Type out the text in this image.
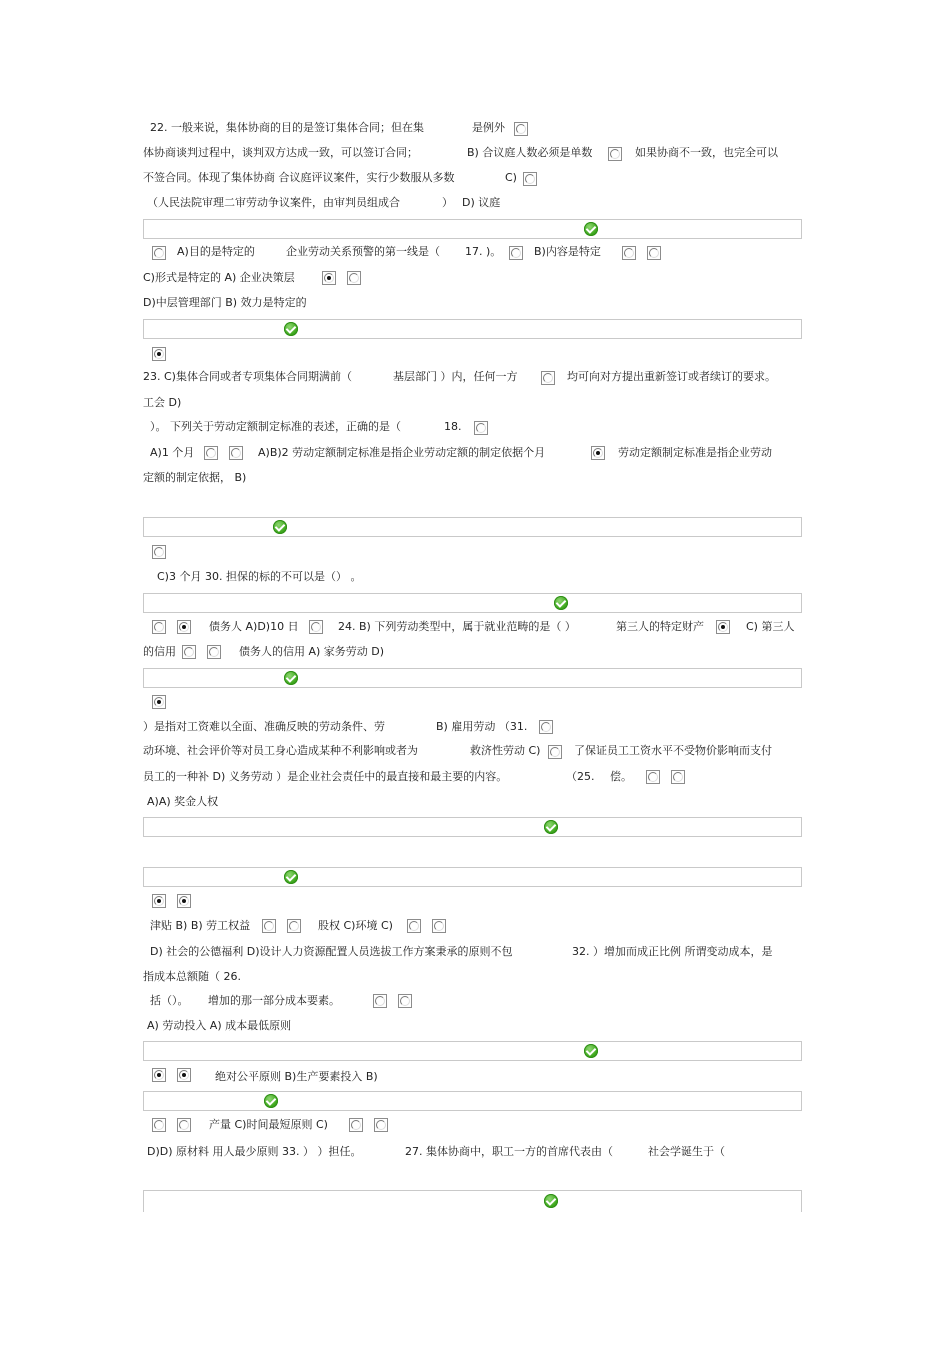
22. 一般来说，集体协商的目的是签订集体合同；但在集	是例外
体协商谈判过程中，谈判双方达成一致，可以签订合同；	B) 合议庭人数必须是单数	如果协商不一致，也完全可以
不签合同。体现了集体协商 合议庭评议案件，实行少数服从多数	C)
（人民法院审理二审劳动争议案件，由审判员组成合	） D) 议庭
A)目的是特定的	企业劳动关系预警的第一线是（ 17. )。	B)内容是特定
C)形式是特定的 A) 企业决策层
D)中层管理部门 B) 效力是特定的
23. C)集体合同或者专项集体合同期满前（	基层部门 ）内，任何一方	均可向对方提出重新签订或者续订的要求。
工会 D)
）。 下列关于劳动定额制定标准的表述，正确的是（	18.
A)1 个月	A)B)2 劳动定额制定标准是指企业劳动定额的制定依据个月	劳动定额制定标准是指企业劳动
定额的制定依据， B)
C)3 个月 30. 担保的标的不可以是（） 。
债务人 A)D)10 日	24. B) 下列劳动类型中，属于就业范畴的是（ ）	第三人的特定财产	C) 第三人
的信用	债务人的信用 A) 家务劳动 D)
）是指对工资难以全面、准确反映的劳动条件、劳	B) 雇用劳动 （31.
动环境、社会评价等对员工身心造成某种不利影响或者为	救济性劳动 C)	了保证员工工资水平不受物价影响而支付
员工的一种补 D) 义务劳动 ）是企业社会责任中的最直接和最主要的内容。	（25. 偿。
A)A) 奖金人权
津贴 B) B) 劳工权益	股权 C)环境 C)
D) 社会的公德福利 D)设计人力资源配置人员选拔工作方案秉承的原则不包	32. ）增加而成正比例 所谓变动成本，是
指成本总额随（ 26.
括（）。 增加的那一部分成本要素。
A) 劳动投入 A) 成本最低原则
绝对公平原则 B)生产要素投入 B)
产量 C)时间最短原则 C)
D)D) 原材料 用人最少原则 33. ） ）担任。	27. 集体协商中，职工一方的首席代表由（	社会学诞生于（
